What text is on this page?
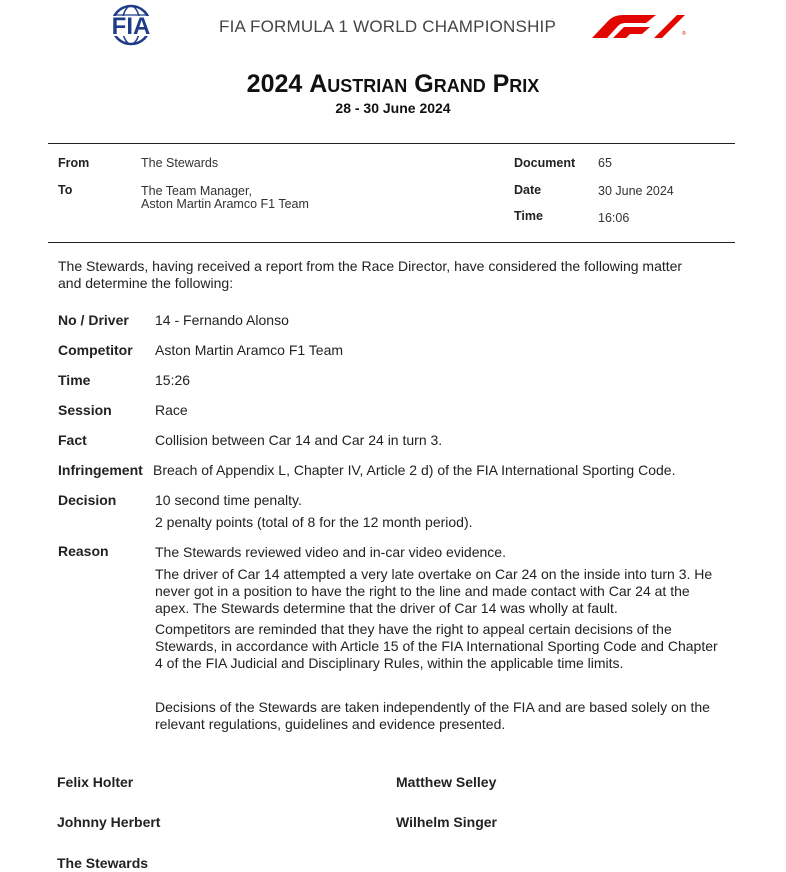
FIA	FIA FORMULA 1 WORLD CHAMPIONSHIP	®
2024 Austrian Grand Prix
28 - 30 June 2024
From	The Stewards
To	The Team Manager,
Aston Martin Aramco F1 Team
Document 65
Date	30 June 2024
Time	16:06
The Stewards, having received a report from the Race Director, have considered the following matter and determine the following:
No / Driver 14 - Fernando Alonso
Competitor Aston Martin Aramco F1 Team
Time	15:26
Session	Race
Fact	Collision between Car 14 and Car 24 in turn 3.
Infringement Breach of Appendix L, Chapter IV, Article 2 d) of the FIA International Sporting Code.
Decision	10 second time penalty.
2 penalty points (total of 8 for the 12 month period).
Reason	The Stewards reviewed video and in-car video evidence.
The driver of Car 14 attempted a very late overtake on Car 24 on the inside into turn 3. He never got in a position to have the right to the line and made contact with Car 24 at the apex. The Stewards determine that the driver of Car 14 was wholly at fault.
Competitors are reminded that they have the right to appeal certain decisions of the Stewards, in accordance with Article 15 of the FIA International Sporting Code and Chapter 4 of the FIA Judicial and Disciplinary Rules, within the applicable time limits.
Decisions of the Stewards are taken independently of the FIA and are based solely on the relevant regulations, guidelines and evidence presented.
Felix Holter	Matthew Selley
Johnny Herbert	Wilhelm Singer
The Stewards
